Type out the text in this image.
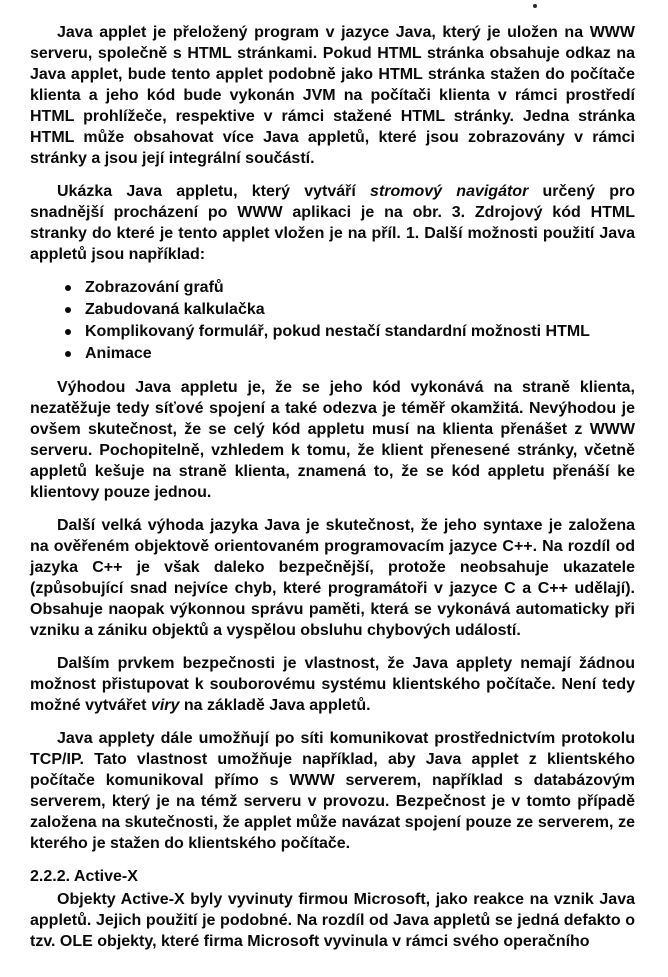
Java applet je přeložený program v jazyce Java, který je uložen na WWW serveru, společně s HTML stránkami. Pokud HTML stránka obsahuje odkaz na Java applet, bude tento applet podobně jako HTML stránka stažen do počítače klienta a jeho kód bude vykonán JVM na počítači klienta v rámci prostředí HTML prohlížeče, respektive v rámci stažené HTML stránky. Jedna stránka HTML může obsahovat více Java appletů, které jsou zobrazovány v rámci stránky a jsou její integrální součástí.

Ukázka Java appletu, který vytváří stromový navigátor určený pro snadnější procházení po WWW aplikaci je na obr. 3. Zdrojový kód HTML stranky do které je tento applet vložen je na příl. 1. Další možnosti použití Java appletů jsou například:

Zobrazování grafů
Zabudovaná kalkulačka
Komplikovaný formulář, pokud nestačí standardní možnosti HTML
Animace

Výhodou Java appletu je, že se jeho kód vykonává na straně klienta, nezatěžuje tedy síťové spojení a také odezva je téměř okamžitá. Nevýhodou je ovšem skutečnost, že se celý kód appletu musí na klienta přenášet z WWW serveru. Pochopitelně, vzhledem k tomu, že klient přenesené stránky, včetně appletů kešuje na straně klienta, znamená to, že se kód appletu přenáší ke klientovy pouze jednou.

Další velká výhoda jazyka Java je skutečnost, že jeho syntaxe je založena na ověřeném objektově orientovaném programovacím jazyce C++. Na rozdíl od jazyka C++ je však daleko bezpečnější, protože neobsahuje ukazatele (způsobující snad nejvíce chyb, které programátoři v jazyce C a C++ udělají). Obsahuje naopak výkonnou správu paměti, která se vykonává automaticky při vzniku a zániku objektů a vyspělou obsluhu chybových událostí.

Dalším prvkem bezpečnosti je vlastnost, že Java applety nemají žádnou možnost přistupovat k souborovému systému klientského počítače. Není tedy možné vytvářet viry na základě Java appletů.

Java applety dále umožňují po síti komunikovat prostřednictvím protokolu TCP/IP. Tato vlastnost umožňuje například, aby Java applet z klientského počítače komunikoval přímo s WWW serverem, například s databázovým serverem, který je na témž serveru v provozu. Bezpečnost je v tomto případě založena na skutečnosti, že applet může navázat spojení pouze ze serverem, ze kterého je stažen do klientského počítače.

2.2.2. Active-X

Objekty Active-X byly vyvinuty firmou Microsoft, jako reakce na vznik Java appletů. Jejich použití je podobné. Na rozdíl od Java appletů se jedná defakto o tzv. OLE objekty, které firma Microsoft vyvinula v rámci svého operačního
